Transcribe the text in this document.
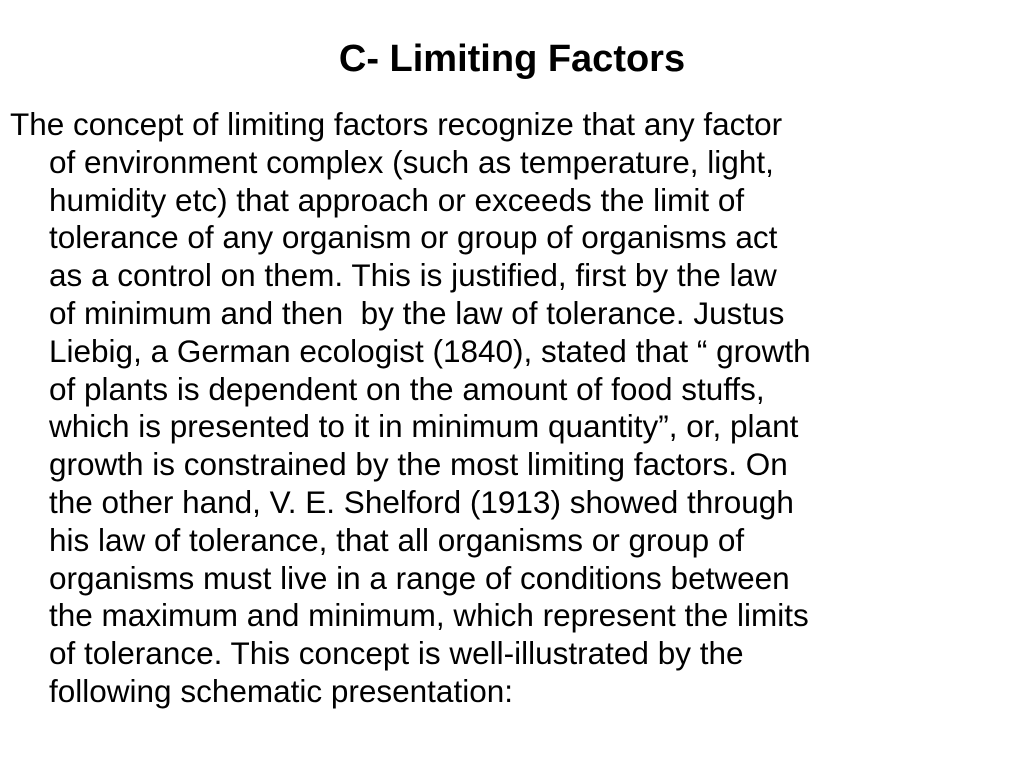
C- Limiting Factors
The concept of limiting factors recognize that any factor
of environment complex (such as temperature, light,
humidity etc) that approach or exceeds the limit of
tolerance of any organism or group of organisms act
as a control on them. This is justified, first by the law
of minimum and then  by the law of tolerance. Justus
Liebig, a German ecologist (1840), stated that “ growth
of plants is dependent on the amount of food stuffs,
which is presented to it in minimum quantity”, or, plant
growth is constrained by the most limiting factors. On
the other hand, V. E. Shelford (1913) showed through
his law of tolerance, that all organisms or group of
organisms must live in a range of conditions between
the maximum and minimum, which represent the limits
of tolerance. This concept is well-illustrated by the
following schematic presentation:
